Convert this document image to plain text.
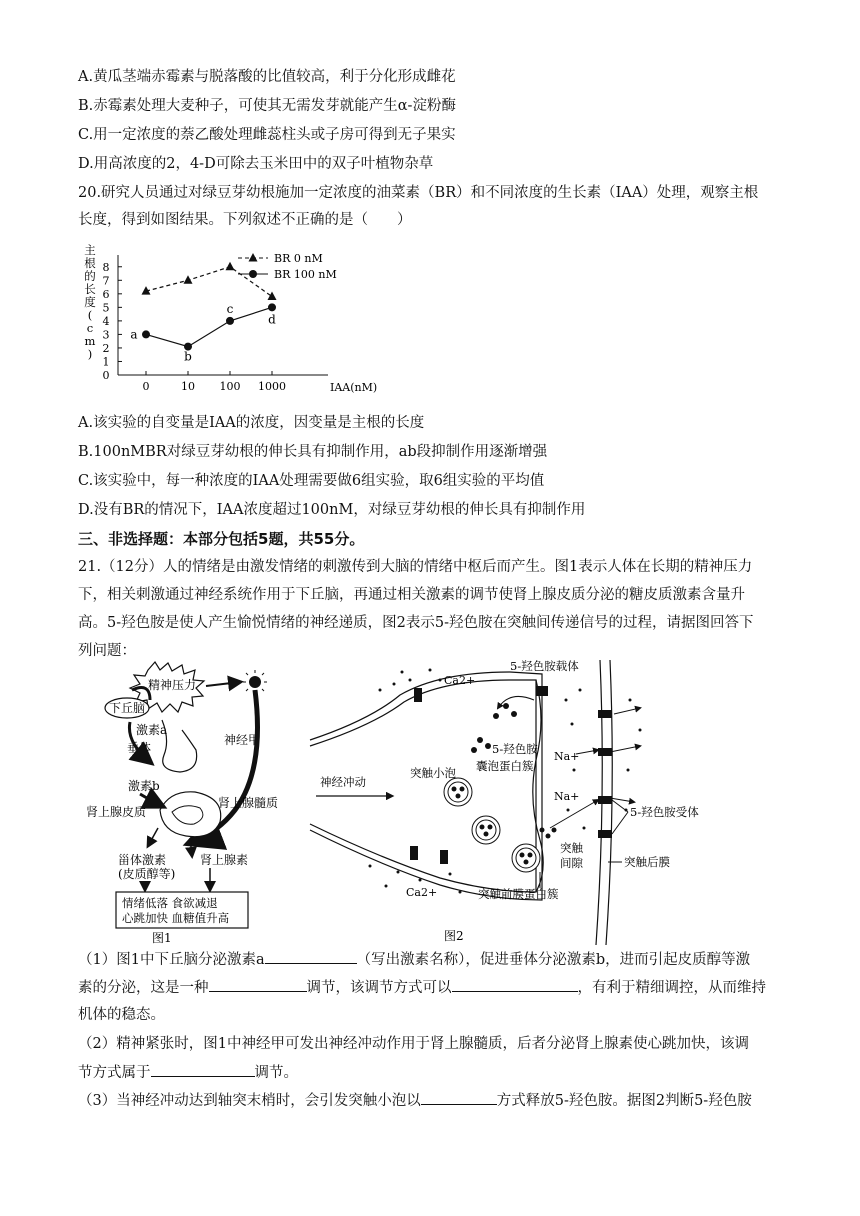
A.黄瓜茎端赤霉素与脱落酸的比值较高，利于分化形成雌花
B.赤霉素处理大麦种子，可使其无需发芽就能产生α-淀粉酶
C.用一定浓度的萘乙酸处理雌蕊柱头或子房可得到无子果实
D.用高浓度的2，4-D可除去玉米田中的双子叶植物杂草
20.研究人员通过对绿豆芽幼根施加一定浓度的油菜素（BR）和不同浓度的生长素（IAA）处理，观察主根
长度，得到如图结果。下列叙述不正确的是（　　）
0
1
2
3
4
5
6
7
8
0	10 100 1000	IAA(nM)
主
根
的
长
度
(
c
m
)
a
b
c
d
BR 0 nM
BR 100 nM
A.该实验的自变量是IAA的浓度，因变量是主根的长度
B.100nMBR对绿豆芽幼根的伸长具有抑制作用，ab段抑制作用逐渐增强
C.该实验中，每一种浓度的IAA处理需要做6组实验，取6组实验的平均值
D.没有BR的情况下，IAA浓度超过100nM，对绿豆芽幼根的伸长具有抑制作用
三、非选择题：本部分包括5题，共55分。
21.（12分）人的情绪是由激发情绪的刺激传到大脑的情绪中枢后而产生。图1表示人体在长期的精神压力
下，相关刺激通过神经系统作用于下丘脑，再通过相关激素的调节使肾上腺皮质分泌的糖皮质激素含量升
高。5-羟色胺是使人产生愉悦情绪的神经递质，图2表示5-羟色胺在突触间传递信号的过程，请据图回答下
列问题：
精神压力
下丘脑
激素a
垂体
激素b
神经甲
肾上腺皮质
肾上腺髓质
甾体激素
(皮质醇等)
肾上腺素
情绪低落 食欲减退
心跳加快 血糖值升高
图1
Ca2+
Ca2+
5-羟色胺载体
5-羟色胺
突触小泡 囊泡蛋白簇
神经冲动
Na+
Na+
5-羟色胺受体
突触
间隙	突触后膜
突触前膜蛋白簇
图2
（1）图1中下丘脑分泌激素a	（写出激素名称），促进垂体分泌激素b，进而引起皮质醇等激
素的分泌，这是一种	调节，该调节方式可以	，有利于精细调控，从而维持
机体的稳态。
（2）精神紧张时，图1中神经甲可发出神经冲动作用于肾上腺髓质，后者分泌肾上腺素使心跳加快，该调
节方式属于	调节。
（3）当神经冲动达到轴突末梢时，会引发突触小泡以	方式释放5-羟色胺。据图2判断5-羟色胺
